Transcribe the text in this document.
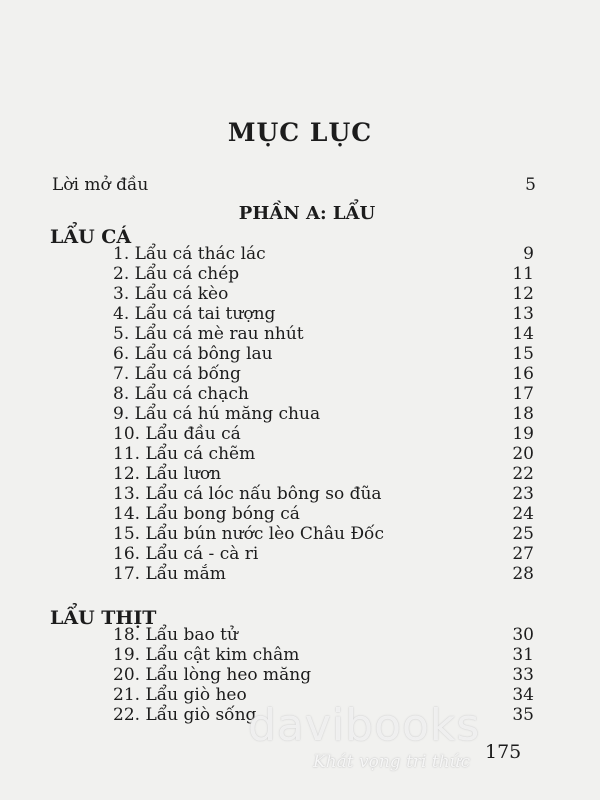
MỤC LỤC
Lời mở đầu	5
PHẦN A: LẨU
LẨU CÁ
1. Lẩu cá thác lác	9
2. Lẩu cá chép	11
3. Lẩu cá kèo	12
4. Lẩu cá tai tượng	13
5. Lẩu cá mè rau nhút	14
6. Lẩu cá bông lau	15
7. Lẩu cá bống	16
8. Lẩu cá chạch	17
9. Lẩu cá hú măng chua	18
10. Lẩu đầu cá	19
11. Lẩu cá chẽm	20
12. Lẩu lươn	22
13. Lẩu cá lóc nấu bông so đũa	23
14. Lẩu bong bóng cá	24
15. Lẩu bún nước lèo Châu Đốc	25
16. Lẩu cá - cà ri	27
17. Lẩu mắm	28
LẨU THỊT
18. Lẩu bao tử	30
19. Lẩu cật kim châm	31
20. Lẩu lòng heo măng	33
21. Lẩu giò heo	34
22. Lẩu giò sống	35
davibooks
Khát vọng tri thức 175
